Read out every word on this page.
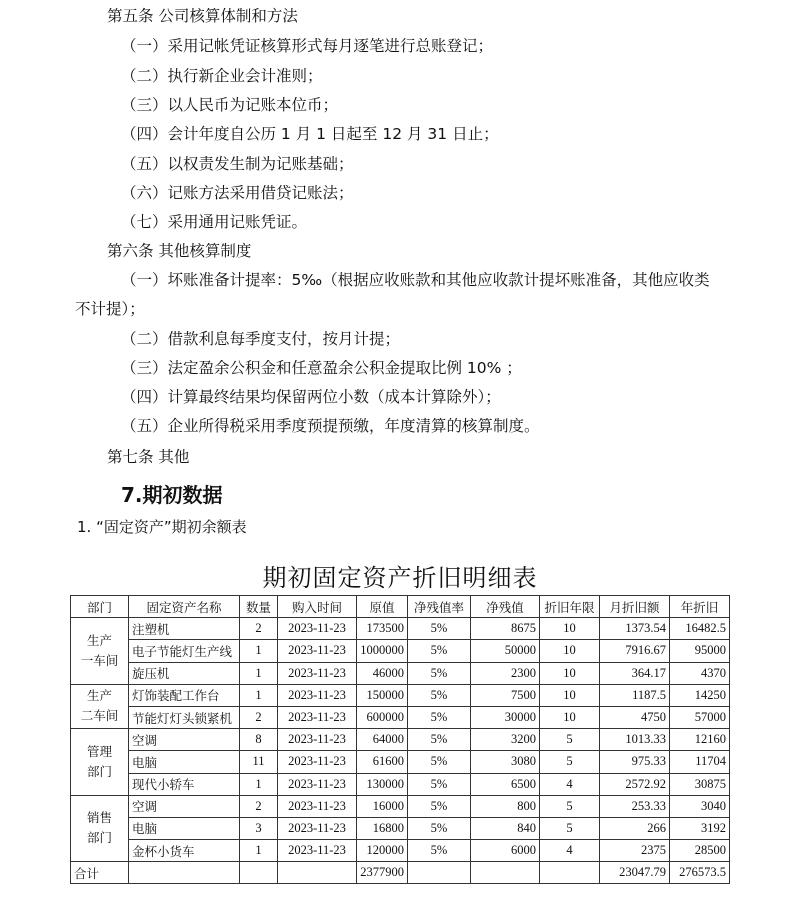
第五条 公司核算体制和方法
（一）采用记帐凭证核算形式每月逐笔进行总账登记；
（二）执行新企业会计准则；
（三）以人民币为记账本位币；
（四）会计年度自公历 1 月 1 日起至 12 月 31 日止；
（五）以权责发生制为记账基础；
（六）记账方法采用借贷记账法；
（七）采用通用记账凭证。
第六条 其他核算制度
（一）坏账准备计提率：5‰（根据应收账款和其他应收款计提坏账准备，其他应收类
不计提）；
（二）借款利息每季度支付，按月计提；
（三）法定盈余公积金和任意盈余公积金提取比例 10% ；
（四）计算最终结果均保留两位小数（成本计算除外）；
（五）企业所得税采用季度预提预缴，年度清算的核算制度。
第七条 其他
7.期初数据
1. “固定资产”期初余额表
期初固定资产折旧明细表
部门	固定资产名称	数量	购入时间	原值	净残值率	净残值	折旧年限	月折旧额	年折旧

生产
一车间	注塑机	2	2023-11-23	173500	5%	8675	10	1373.54	16482.5
	电子节能灯生产线	1	2023-11-23	1000000	5%	50000	10	7916.67	95000
	旋压机	1	2023-11-23	46000	5%	2300	10	364.17	4370

生产
二车间	灯饰装配工作台	1	2023-11-23	150000	5%	7500	10	1187.5	14250
	节能灯灯头锁紧机	2	2023-11-23	600000	5%	30000	10	4750	57000

管理
部门	空调	8	2023-11-23	64000	5%	3200	5	1013.33	12160
	电脑	11	2023-11-23	61600	5%	3080	5	975.33	11704
	现代小轿车	1	2023-11-23	130000	5%	6500	4	2572.92	30875

销售
部门	空调	2	2023-11-23	16000	5%	800	5	253.33	3040
	电脑	3	2023-11-23	16800	5%	840	5	266	3192
	金杯小货车	1	2023-11-23	120000	5%	6000	4	2375	28500
合计				2377900				23047.79	276573.5
